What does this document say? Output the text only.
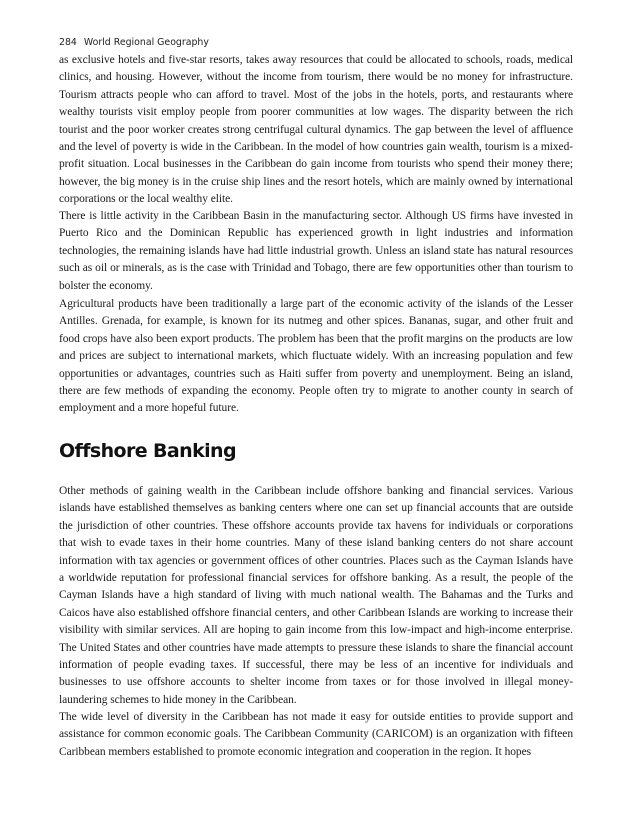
284 World Regional Geography

as exclusive hotels and five-star resorts, takes away resources that could be allocated to schools, roads, medical clinics, and housing. However, without the income from tourism, there would be no money for infrastructure. Tourism attracts people who can afford to travel. Most of the jobs in the hotels, ports, and restaurants where wealthy tourists visit employ people from poorer communities at low wages. The disparity between the rich tourist and the poor worker creates strong centrifugal cultural dynamics. The gap between the level of affluence and the level of poverty is wide in the Caribbean. In the model of how countries gain wealth, tourism is a mixed-profit situation. Local businesses in the Caribbean do gain income from tourists who spend their money there; however, the big money is in the cruise ship lines and the resort hotels, which are mainly owned by international corporations or the local wealthy elite.

There is little activity in the Caribbean Basin in the manufacturing sector. Although US firms have invested in Puerto Rico and the Dominican Republic has experienced growth in light industries and information technologies, the remaining islands have had little industrial growth. Unless an island state has natural resources such as oil or minerals, as is the case with Trinidad and Tobago, there are few opportunities other than tourism to bolster the economy.

Agricultural products have been traditionally a large part of the economic activity of the islands of the Lesser Antilles. Grenada, for example, is known for its nutmeg and other spices. Bananas, sugar, and other fruit and food crops have also been export products. The problem has been that the profit margins on the products are low and prices are subject to international markets, which fluctuate widely. With an increasing population and few opportunities or advantages, countries such as Haiti suffer from poverty and unemployment. Being an island, there are few methods of expanding the economy. People often try to migrate to another county in search of employment and a more hopeful future.

Offshore Banking

Other methods of gaining wealth in the Caribbean include offshore banking and financial services. Various islands have established themselves as banking centers where one can set up financial accounts that are outside the jurisdiction of other countries. These offshore accounts provide tax havens for individuals or corporations that wish to evade taxes in their home countries. Many of these island banking centers do not share account information with tax agencies or government offices of other countries. Places such as the Cayman Islands have a worldwide reputation for professional financial services for offshore banking. As a result, the people of the Cayman Islands have a high standard of living with much national wealth. The Bahamas and the Turks and Caicos have also established offshore financial centers, and other Caribbean Islands are working to increase their visibility with similar services. All are hoping to gain income from this low-impact and high-income enterprise. The United States and other countries have made attempts to pressure these islands to share the financial account information of people evading taxes. If successful, there may be less of an incentive for individuals and businesses to use offshore accounts to shelter income from taxes or for those involved in illegal money-laundering schemes to hide money in the Caribbean.

The wide level of diversity in the Caribbean has not made it easy for outside entities to provide support and assistance for common economic goals. The Caribbean Community (CARICOM) is an organization with fifteen Caribbean members established to promote economic integration and cooperation in the region. It hopes
